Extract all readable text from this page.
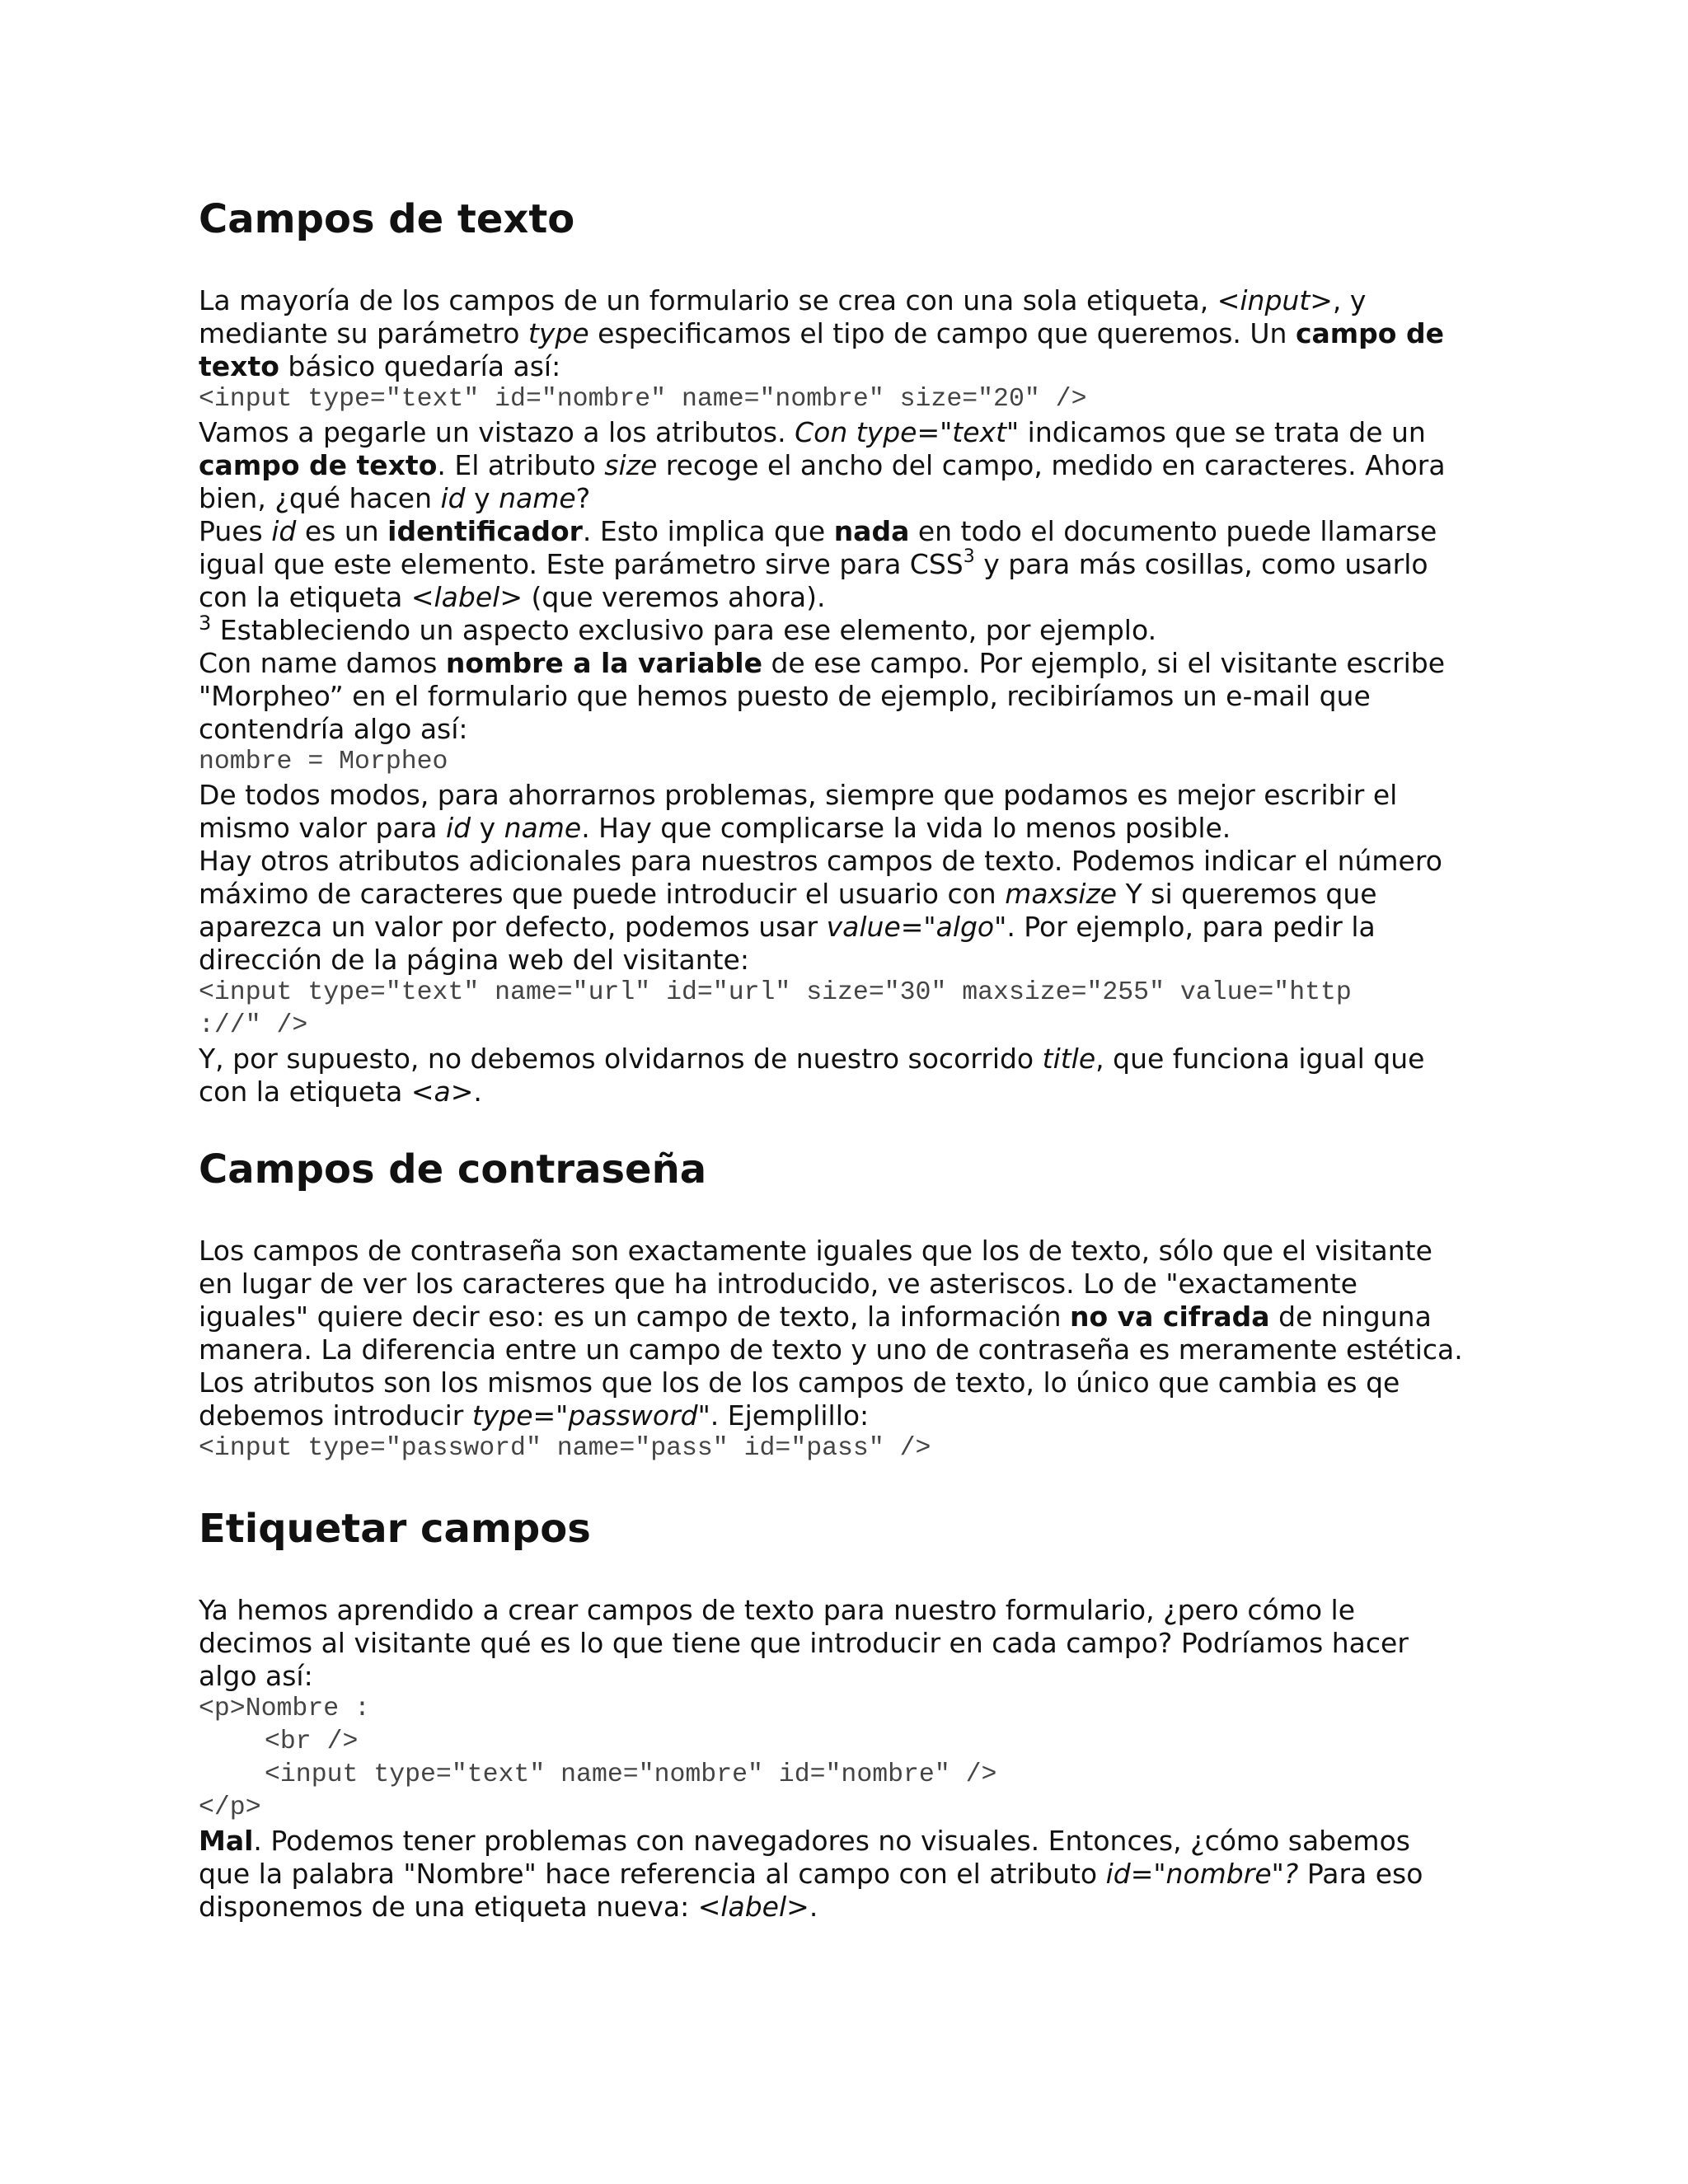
Campos de texto
La mayoría de los campos de un formulario se crea con una sola etiqueta, <input>, y
mediante su parámetro type especificamos el tipo de campo que queremos. Un campo de
texto básico quedaría así:
<input type="text" id="nombre" name="nombre" size="20" />
Vamos a pegarle un vistazo a los atributos. Con type="text" indicamos que se trata de un
campo de texto. El atributo size recoge el ancho del campo, medido en caracteres. Ahora
bien, ¿qué hacen id y name?
Pues id es un identificador. Esto implica que nada en todo el documento puede llamarse
igual que este elemento. Este parámetro sirve para CSS$^3$ y para más cosillas, como usarlo
con la etiqueta <label> (que veremos ahora).
$^3$ Estableciendo un aspecto exclusivo para ese elemento, por ejemplo.
Con name damos nombre a la variable de ese campo. Por ejemplo, si el visitante escribe
"Morpheo” en el formulario que hemos puesto de ejemplo, recibiríamos un e-mail que
contendría algo así:
nombre = Morpheo
De todos modos, para ahorrarnos problemas, siempre que podamos es mejor escribir el
mismo valor para id y name. Hay que complicarse la vida lo menos posible.
Hay otros atributos adicionales para nuestros campos de texto. Podemos indicar el número
máximo de caracteres que puede introducir el usuario con maxsize Y si queremos que
aparezca un valor por defecto, podemos usar value="algo". Por ejemplo, para pedir la
dirección de la página web del visitante:
<input type="text" name="url" id="url" size="30" maxsize="255" value="http
://" />
Y, por supuesto, no debemos olvidarnos de nuestro socorrido title, que funciona igual que
con la etiqueta <a>.
Campos de contraseña
Los campos de contraseña son exactamente iguales que los de texto, sólo que el visitante
en lugar de ver los caracteres que ha introducido, ve asteriscos. Lo de "exactamente
iguales" quiere decir eso: es un campo de texto, la información no va cifrada de ninguna
manera. La diferencia entre un campo de texto y uno de contraseña es meramente estética.
Los atributos son los mismos que los de los campos de texto, lo único que cambia es qe
debemos introducir type="password". Ejemplillo:
<input type="password" name="pass" id="pass" />
Etiquetar campos
Ya hemos aprendido a crear campos de texto para nuestro formulario, ¿pero cómo le
decimos al visitante qué es lo que tiene que introducir en cada campo? Podríamos hacer
algo así:
<p>Nombre :
<br />
<input type="text" name="nombre" id="nombre" />
</p>
Mal. Podemos tener problemas con navegadores no visuales. Entonces, ¿cómo sabemos
que la palabra "Nombre" hace referencia al campo con el atributo id="nombre"? Para eso
disponemos de una etiqueta nueva: <label>.
